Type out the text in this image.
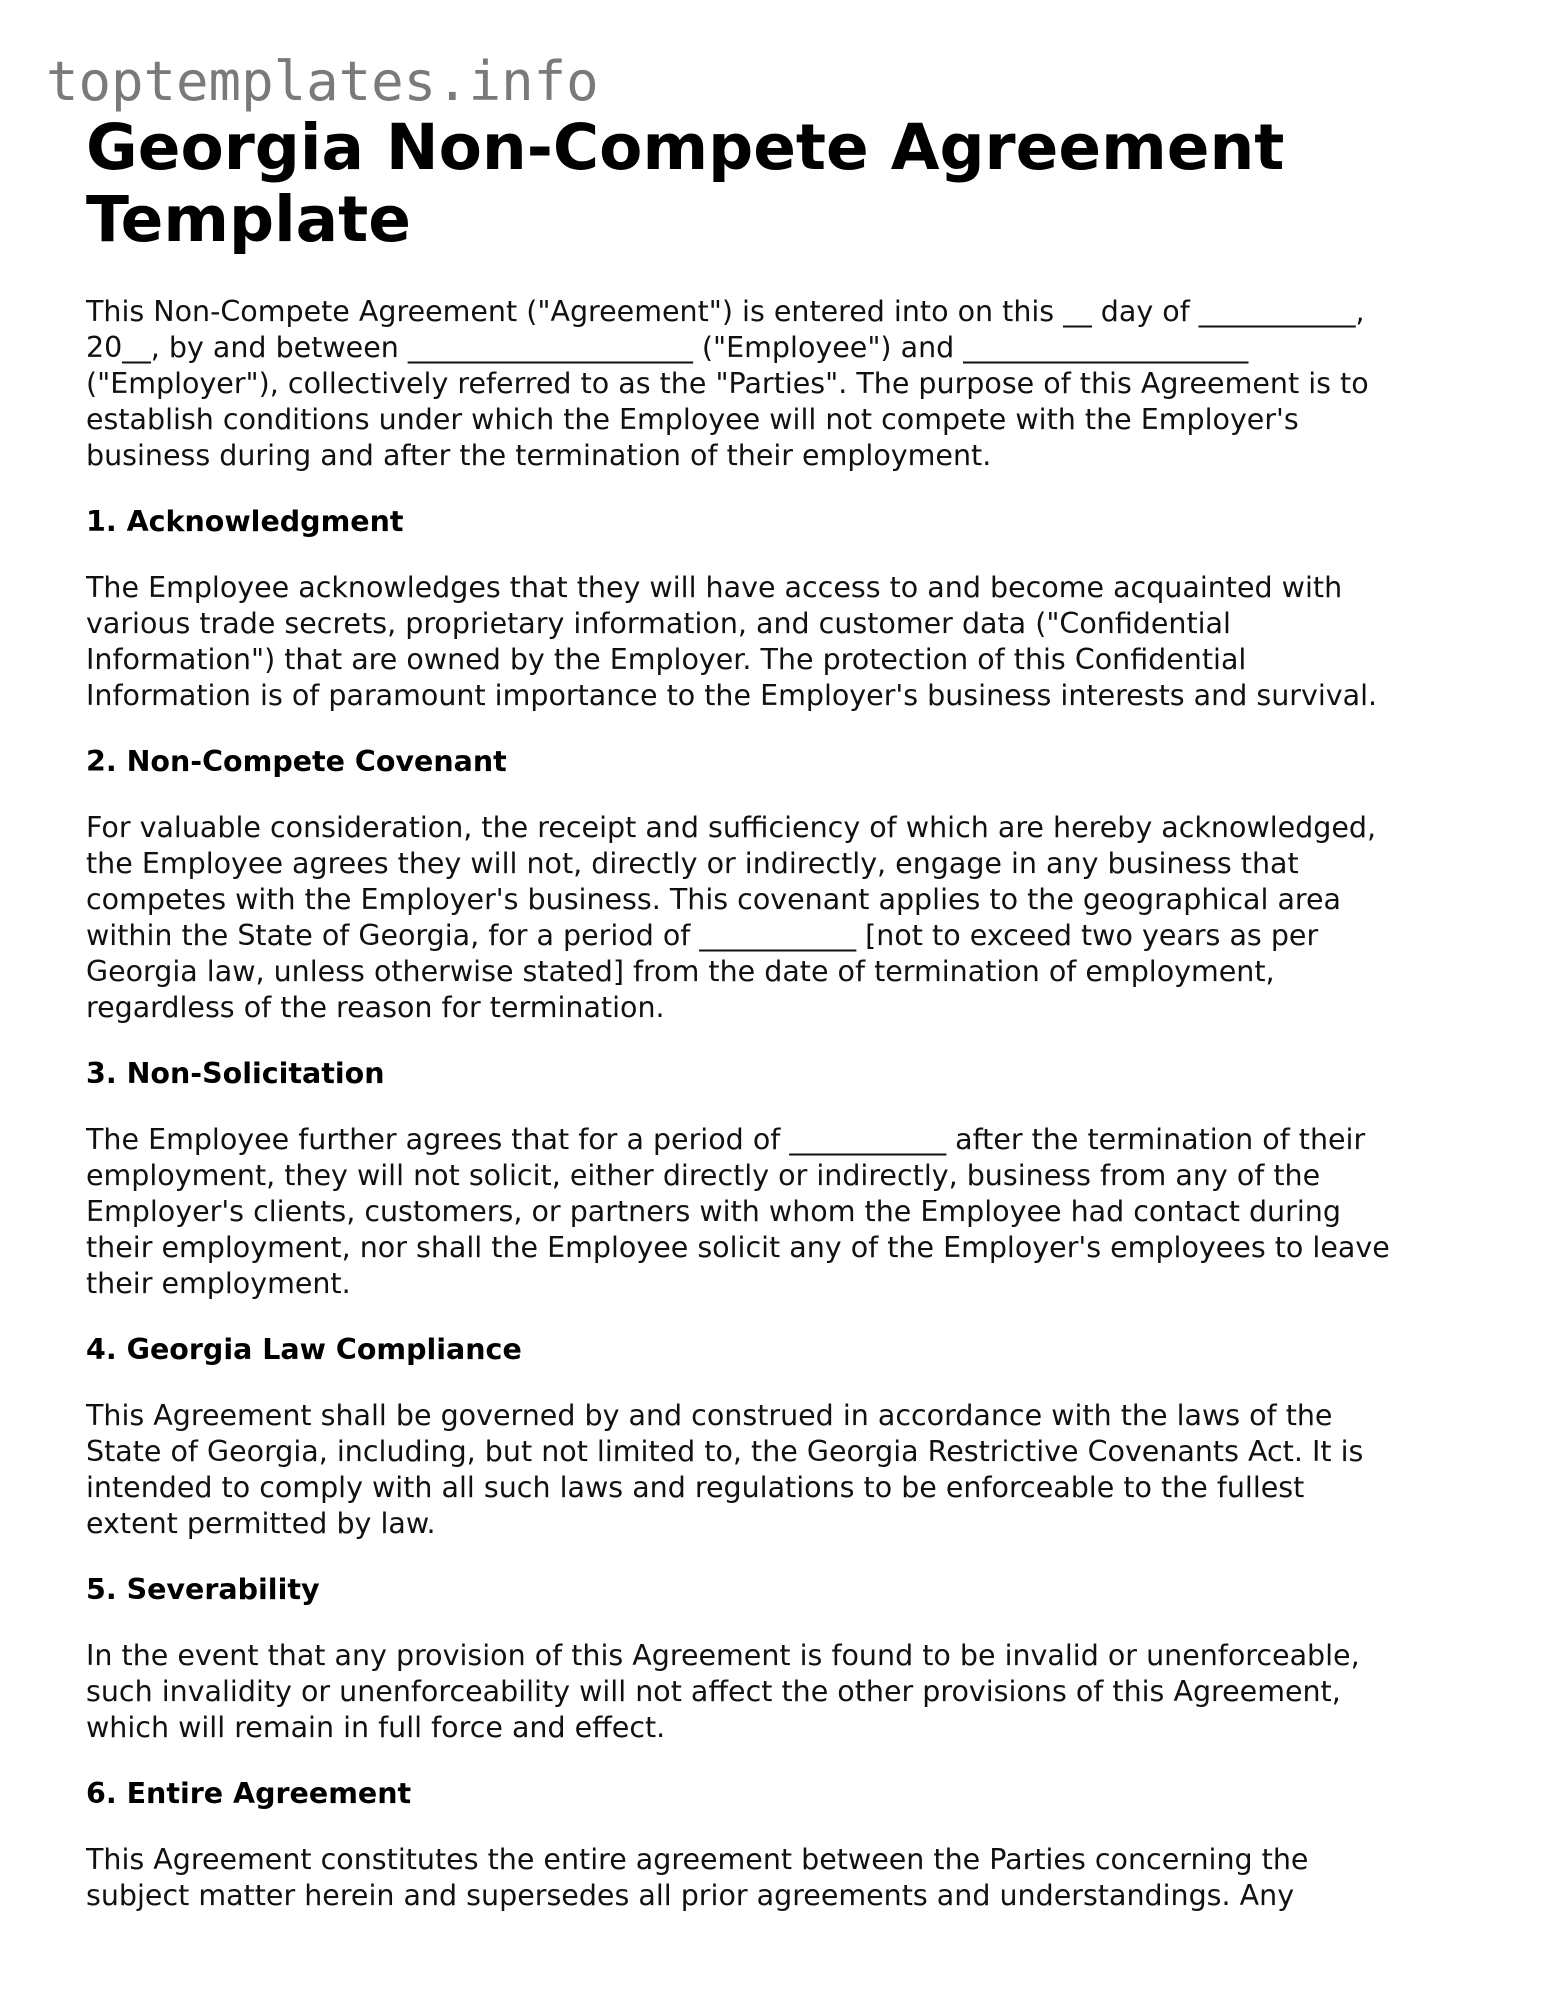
toptemplates.info
Georgia Non-Compete Agreement
Template

This Non-Compete Agreement ("Agreement") is entered into on this __ day of ___________,
20__, by and between ____________________ ("Employee") and ____________________
("Employer"), collectively referred to as the "Parties". The purpose of this Agreement is to
establish conditions under which the Employee will not compete with the Employer's
business during and after the termination of their employment.

1. Acknowledgment

The Employee acknowledges that they will have access to and become acquainted with
various trade secrets, proprietary information, and customer data ("Confidential
Information") that are owned by the Employer. The protection of this Confidential
Information is of paramount importance to the Employer's business interests and survival.

2. Non-Compete Covenant

For valuable consideration, the receipt and sufficiency of which are hereby acknowledged,
the Employee agrees they will not, directly or indirectly, engage in any business that
competes with the Employer's business. This covenant applies to the geographical area
within the State of Georgia, for a period of ___________ [not to exceed two years as per
Georgia law, unless otherwise stated] from the date of termination of employment,
regardless of the reason for termination.

3. Non-Solicitation

The Employee further agrees that for a period of ___________ after the termination of their
employment, they will not solicit, either directly or indirectly, business from any of the
Employer's clients, customers, or partners with whom the Employee had contact during
their employment, nor shall the Employee solicit any of the Employer's employees to leave
their employment.

4. Georgia Law Compliance

This Agreement shall be governed by and construed in accordance with the laws of the
State of Georgia, including, but not limited to, the Georgia Restrictive Covenants Act. It is
intended to comply with all such laws and regulations to be enforceable to the fullest
extent permitted by law.

5. Severability

In the event that any provision of this Agreement is found to be invalid or unenforceable,
such invalidity or unenforceability will not affect the other provisions of this Agreement,
which will remain in full force and effect.

6. Entire Agreement

This Agreement constitutes the entire agreement between the Parties concerning the
subject matter herein and supersedes all prior agreements and understandings. Any
